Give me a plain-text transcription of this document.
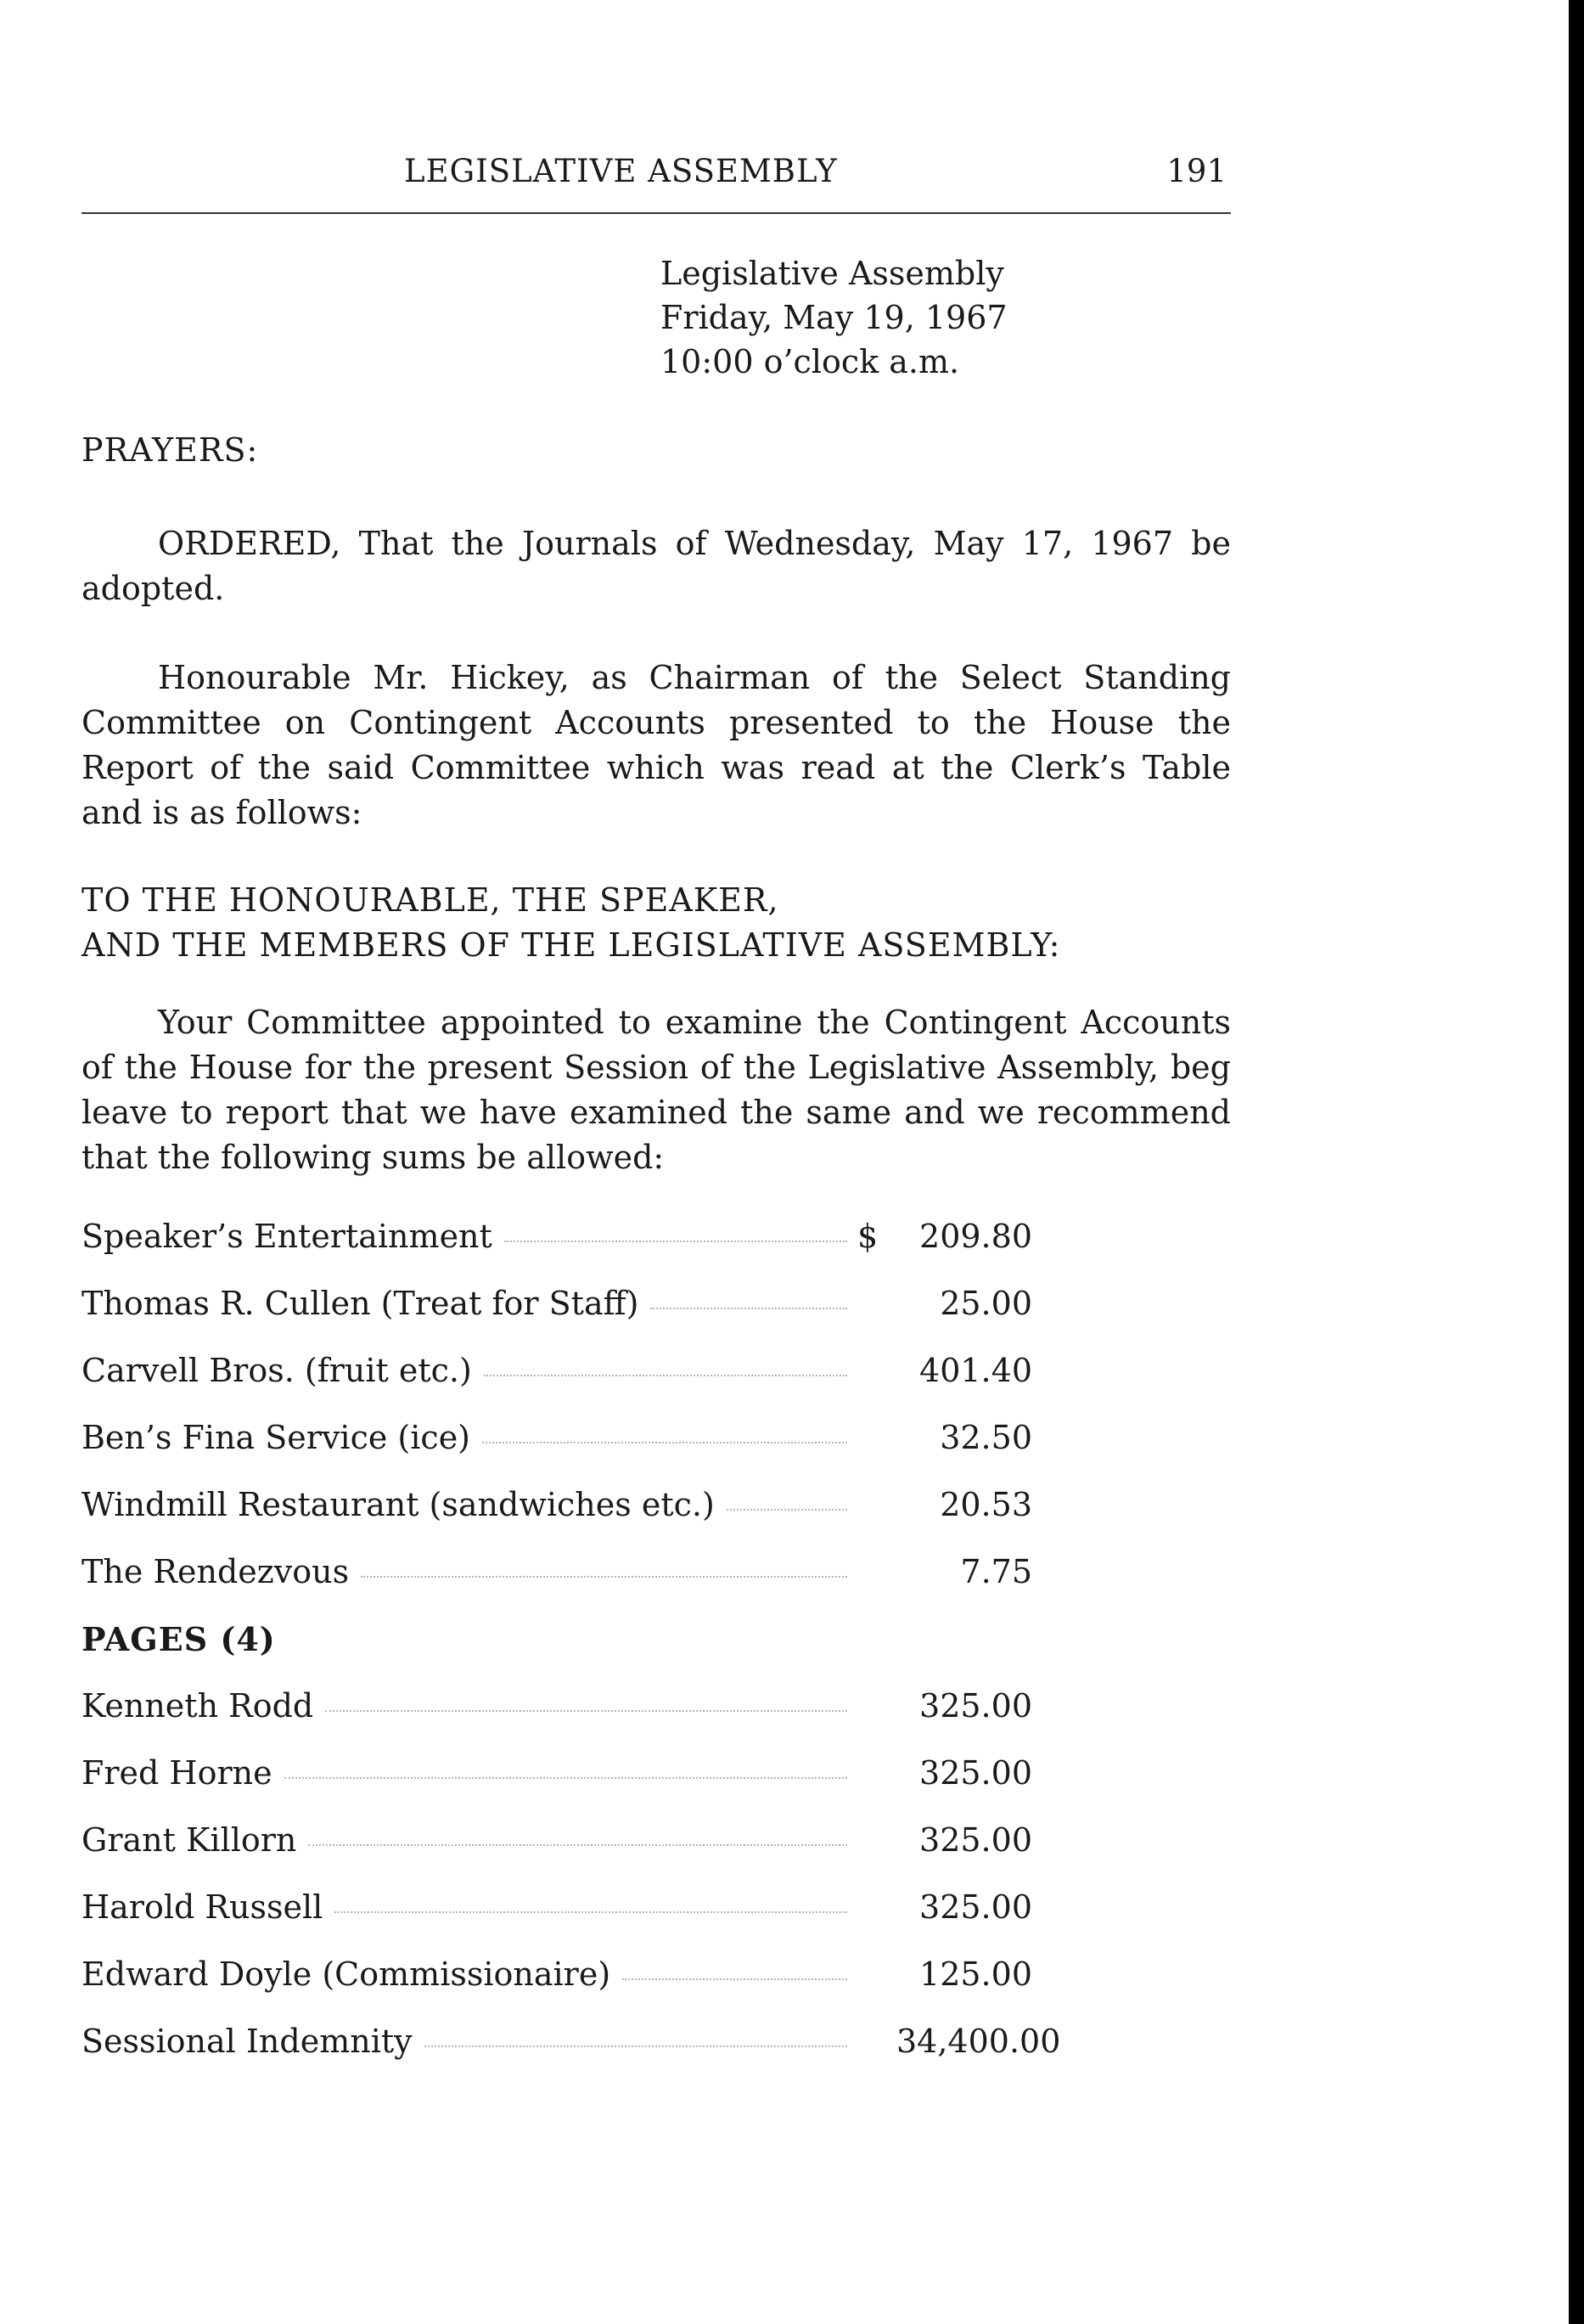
LEGISLATIVE ASSEMBLY	191
Legislative Assembly
Friday, May 19, 1967
10:00 o’clock a.m.
PRAYERS:

ORDERED, That the Journals of Wednesday, May 17, 1967 be adopted.

Honourable Mr. Hickey, as Chairman of the Select Standing Committee on Contingent Accounts presented to the House the Report of the said Committee which was read at the Clerk’s Table and is as follows:

TO THE HONOURABLE, THE SPEAKER,
AND THE MEMBERS OF THE LEGISLATIVE ASSEMBLY:

Your Committee appointed to examine the Contingent Accounts of the House for the present Session of the Legislative Assembly, beg leave to report that we have examined the same and we recommend that the following sums be allowed:

Speaker’s Entertainment	$	209.80
Thomas R. Cullen (Treat for Staff)	25.00
Carvell Bros. (fruit etc.)	401.40
Ben’s Fina Service (ice)	32.50
Windmill Restaurant (sandwiches etc.)	20.53
The Rendezvous	7.75
PAGES (4)
Kenneth Rodd	325.00
Fred Horne	325.00
Grant Killorn	325.00
Harold Russell	325.00
Edward Doyle (Commissionaire)	125.00
Sessional Indemnity	34,400.00
